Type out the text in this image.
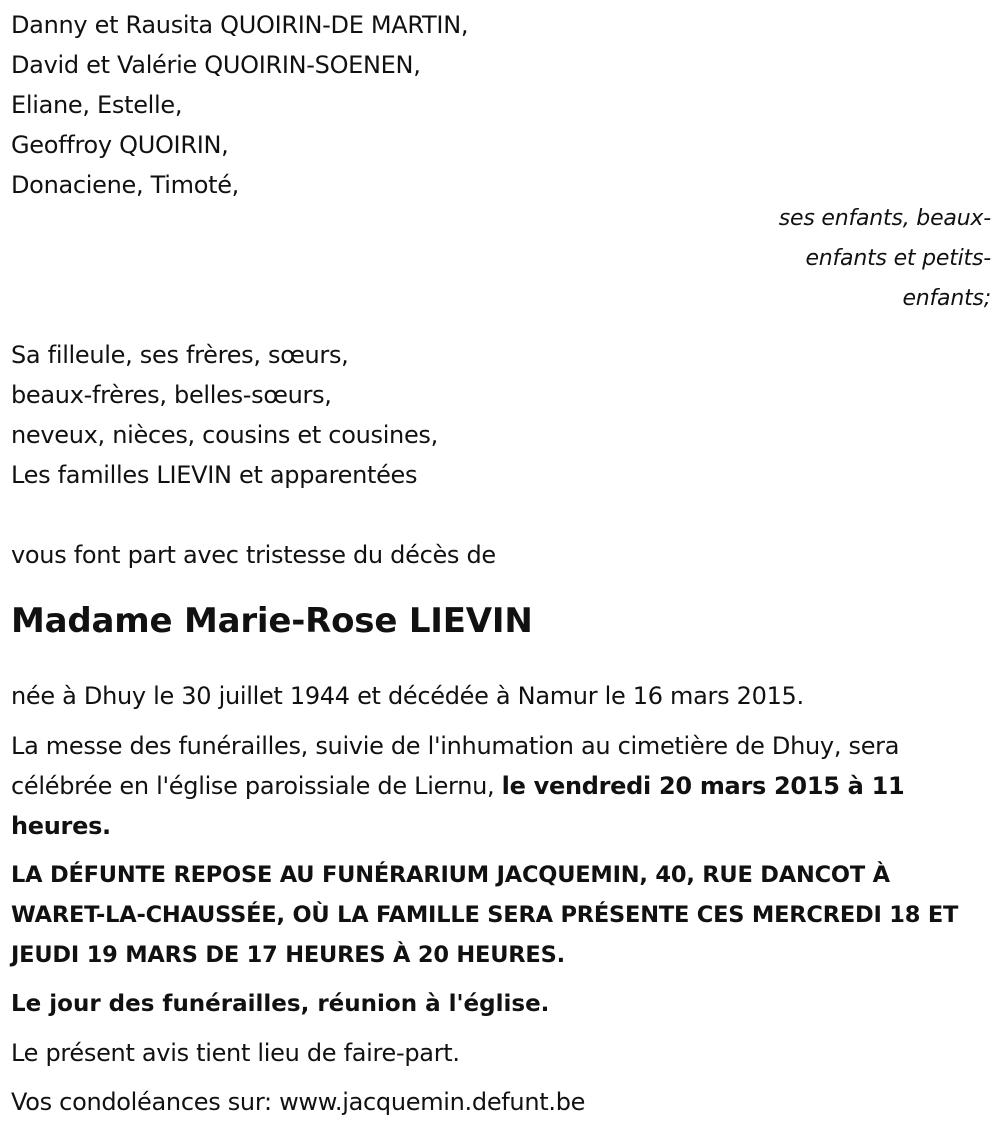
Danny et Rausita QUOIRIN-DE MARTIN,
David et Valérie QUOIRIN-SOENEN,
Eliane, Estelle,
Geoffroy QUOIRIN,
Donaciene, Timoté,
ses enfants, beaux-
enfants et petits-
enfants;
Sa filleule, ses frères, sœurs,
beaux-frères, belles-sœurs,
neveux, nièces, cousins et cousines,
Les familles LIEVIN et apparentées
vous font part avec tristesse du décès de
Madame Marie-Rose LIEVIN
née à Dhuy le 30 juillet 1944 et décédée à Namur le 16 mars 2015.
La messe des funérailles, suivie de l'inhumation au cimetière de Dhuy, sera célébrée en l'église paroissiale de Liernu, le vendredi 20 mars 2015 à 11 heures.
LA DÉFUNTE REPOSE AU FUNÉRARIUM JACQUEMIN, 40, RUE DANCOT À WARET-LA-CHAUSSÉE, OÙ LA FAMILLE SERA PRÉSENTE CES MERCREDI 18 ET JEUDI 19 MARS DE 17 HEURES À 20 HEURES.
Le jour des funérailles, réunion à l'église.
Le présent avis tient lieu de faire-part.
Vos condoléances sur: www.jacquemin.defunt.be
